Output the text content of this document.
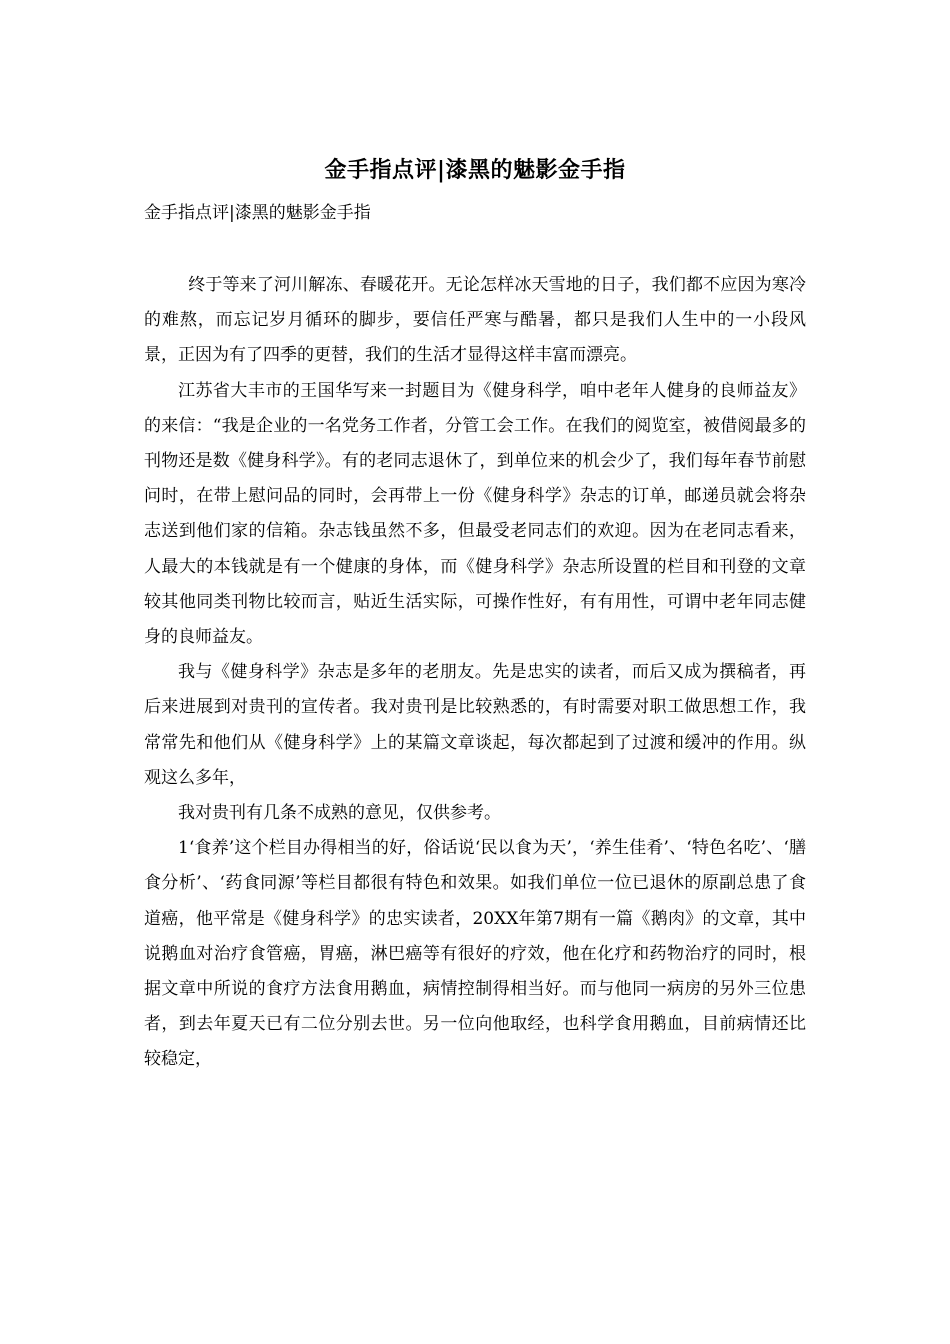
金手指点评|漆黑的魅影金手指
金手指点评|漆黑的魅影金手指

终于等来了河川解冻、春暖花开。无论怎样冰天雪地的日子，我们都不应因为寒冷的难熬，而忘记岁月循环的脚步，要信任严寒与酷暑，都只是我们人生中的一小段风景，正因为有了四季的更替，我们的生活才显得这样丰富而漂亮。

江苏省大丰市的王国华写来一封题目为《健身科学，咱中老年人健身的良师益友》的来信：“我是企业的一名党务工作者，分管工会工作。在我们的阅览室，被借阅最多的刊物还是数《健身科学》。有的老同志退休了，到单位来的机会少了，我们每年春节前慰问时，在带上慰问品的同时，会再带上一份《健身科学》杂志的订单，邮递员就会将杂志送到他们家的信箱。杂志钱虽然不多，但最受老同志们的欢迎。因为在老同志看来，人最大的本钱就是有一个健康的身体，而《健身科学》杂志所设置的栏目和刊登的文章较其他同类刊物比较而言，贴近生活实际，可操作性好，有有用性，可谓中老年同志健身的良师益友。

我与《健身科学》杂志是多年的老朋友。先是忠实的读者，而后又成为撰稿者，再后来进展到对贵刊的宣传者。我对贵刊是比较熟悉的，有时需要对职工做思想工作，我常常先和他们从《健身科学》上的某篇文章谈起，每次都起到了过渡和缓冲的作用。纵观这么多年，

我对贵刊有几条不成熟的意见，仅供参考。

1‘食养’这个栏目办得相当的好，俗话说‘民以食为天’，‘养生佳肴’、‘特色名吃’、‘膳食分析’、‘药食同源’等栏目都很有特色和效果。如我们单位一位已退休的原副总患了食道癌，他平常是《健身科学》的忠实读者，20XX年第7期有一篇《鹅肉》的文章，其中说鹅血对治疗食管癌，胃癌，淋巴癌等有很好的疗效，他在化疗和药物治疗的同时，根据文章中所说的食疗方法食用鹅血，病情控制得相当好。而与他同一病房的另外三位患者，到去年夏天已有二位分别去世。另一位向他取经，也科学食用鹅血，目前病情还比较稳定，
